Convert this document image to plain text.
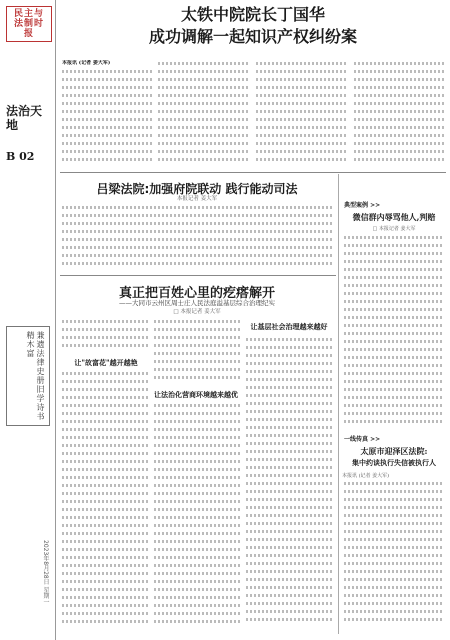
民主与法制时报
法治天地
B 02
兼遗法律史册旧学诗书精木富
2023年8月28日 星期一
太铁中院院长丁国华
成功调解一起知识产权纠纷案
本报讯 (记者 姜大军)
吕梁法院:加强府院联动 践行能动司法
本报记者 姜大军
真正把百姓心里的疙瘩解开
——大同市云州区周士庄人民法庭溢基层综合治理纪实
□ 本报记者 姜大军
让"故富花"越开越艳
让法治化营商环境越来越优
让基层社会治理越来越好
典型案例 >>
微信群内辱骂他人,判赔
□ 本报记者 姜大军
一线传真 >>
太原市迎泽区法院:
集中约谈执行失信被执行人
本报讯 (记者 姜大军)
